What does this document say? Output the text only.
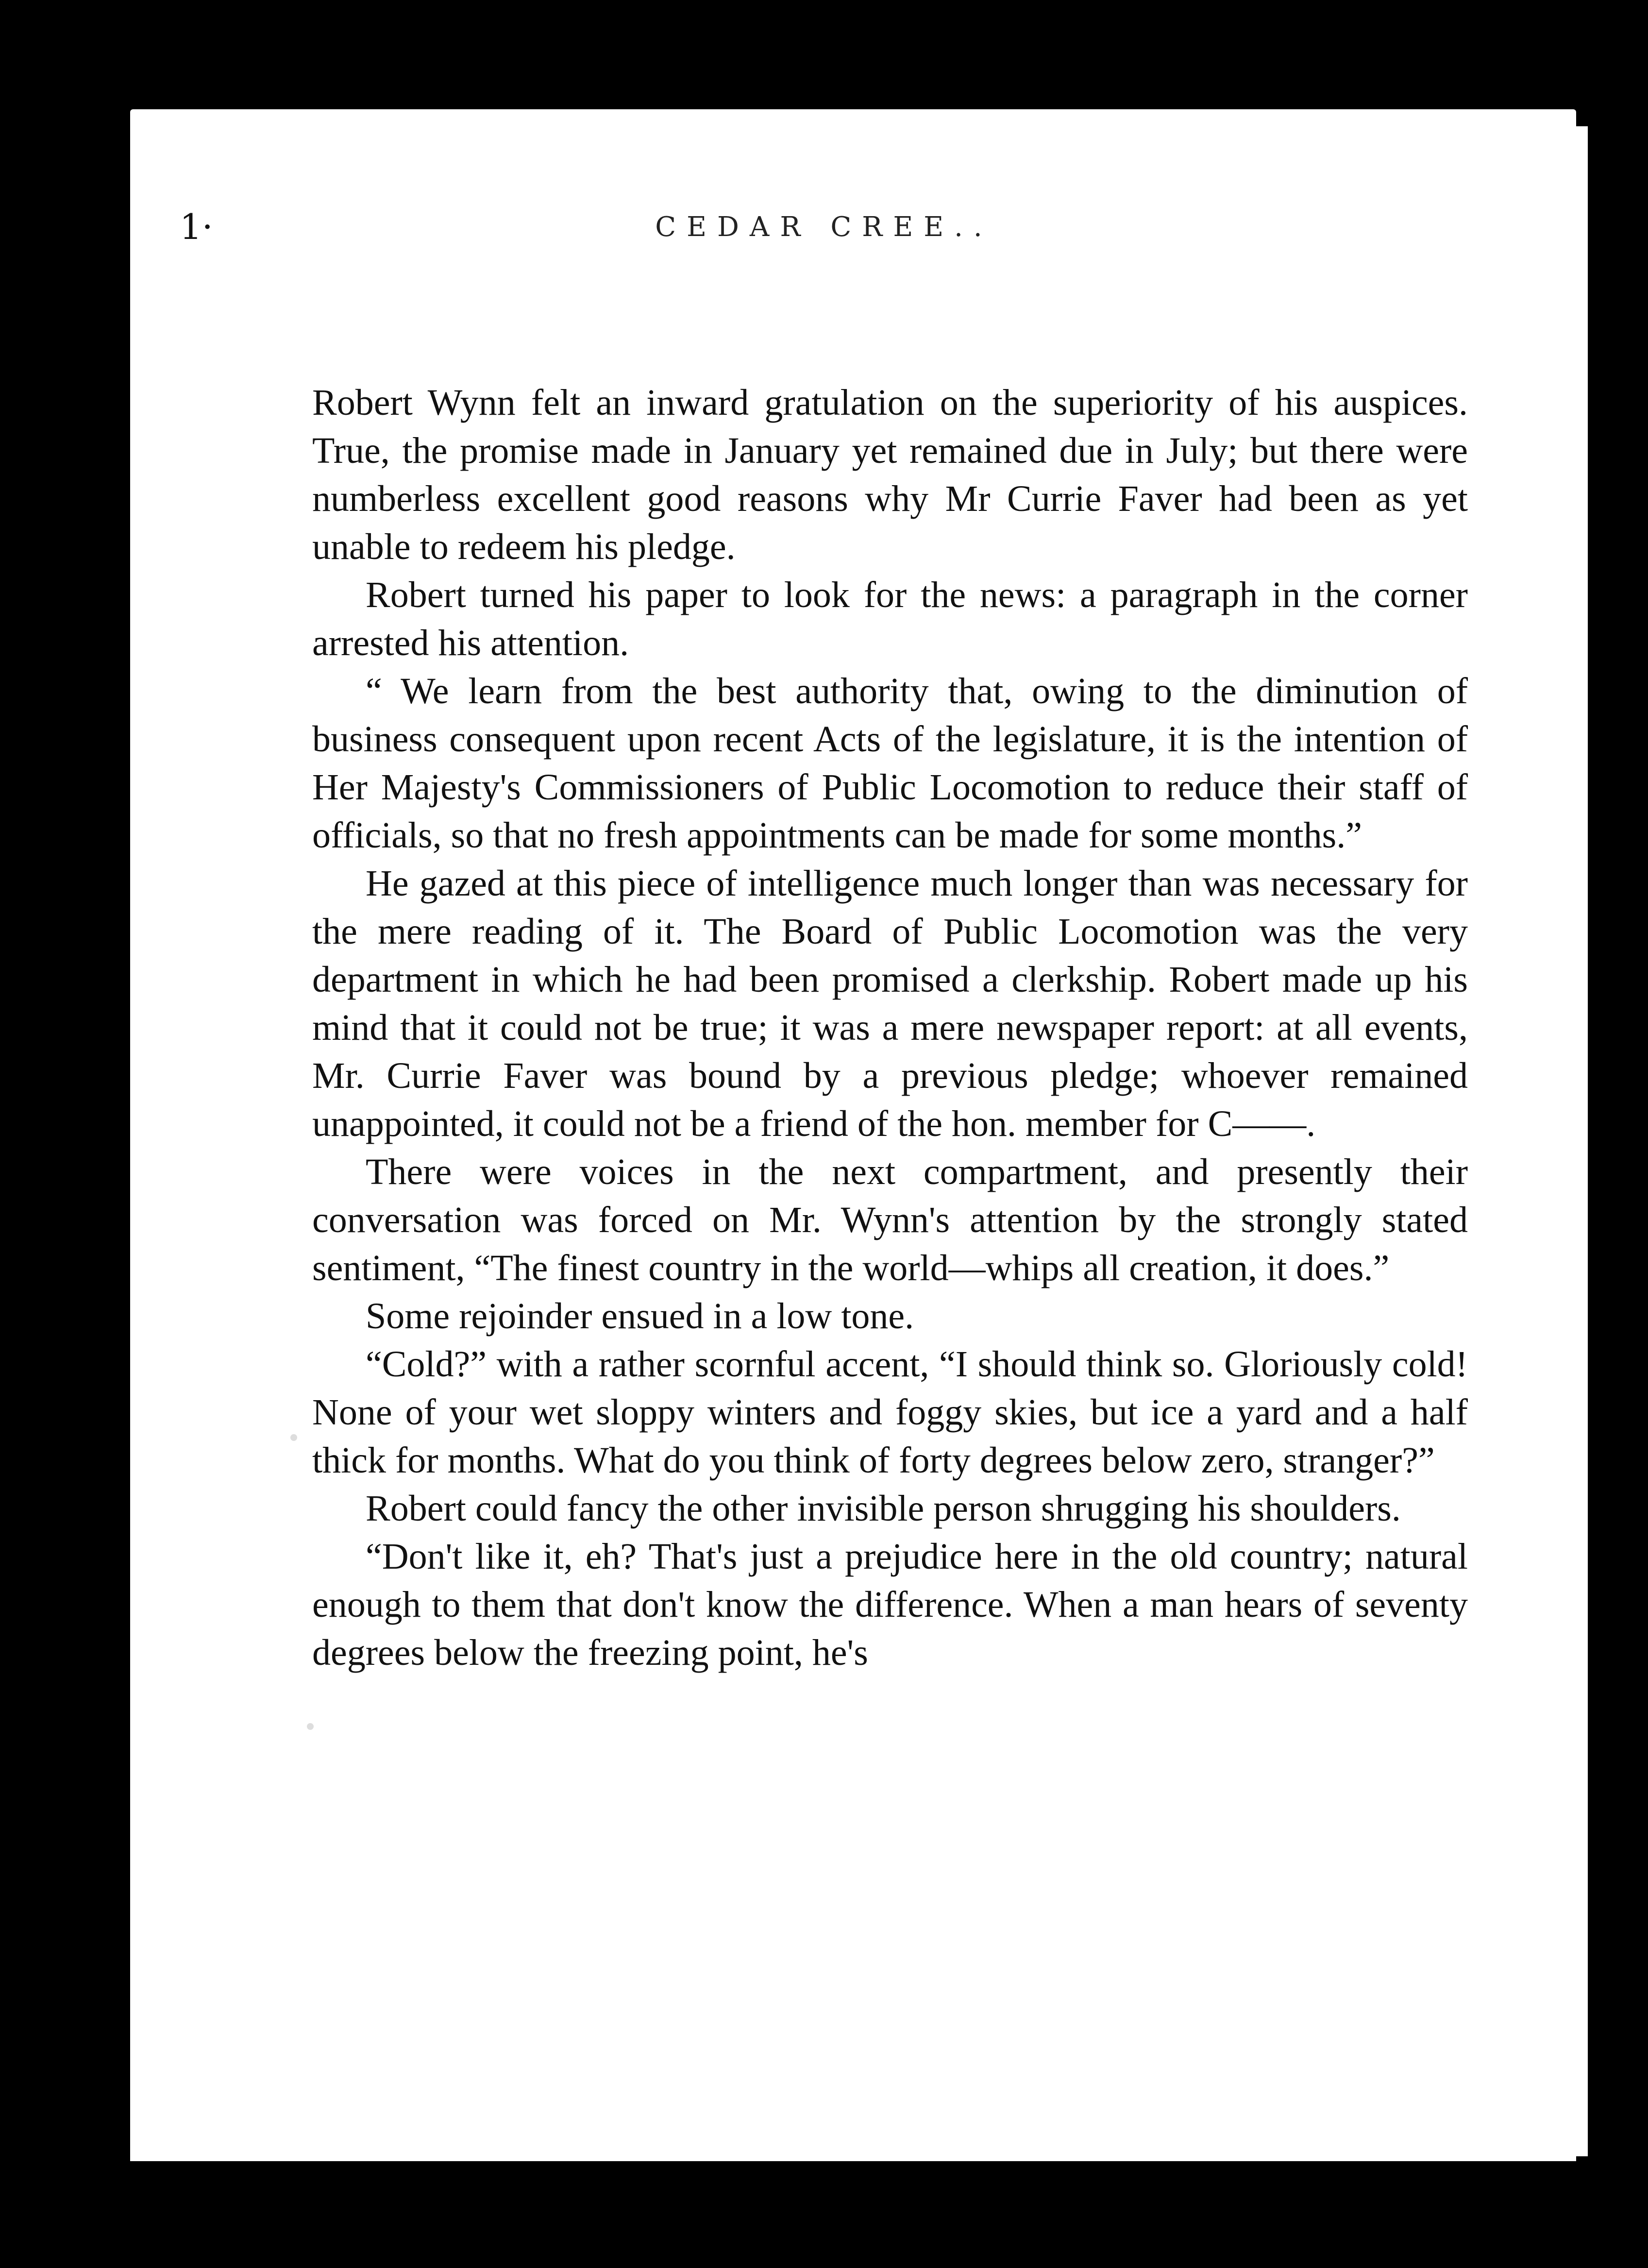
1·	CEDAR CREE..

Robert Wynn felt an inward gratulation on the superiority of his auspices. True, the promise made in January yet remained due in July; but there were numberless excellent good reasons why Mr Currie Faver had been as yet unable to redeem his pledge.

Robert turned his paper to look for the news: a paragraph in the corner arrested his attention.

“ We learn from the best authority that, owing to the diminution of business consequent upon recent Acts of the legislature, it is the intention of Her Majesty's Commissioners of Public Locomotion to reduce their staff of officials, so that no fresh appointments can be made for some months.”

He gazed at this piece of intelligence much longer than was necessary for the mere reading of it. The Board of Public Locomotion was the very department in which he had been promised a clerkship. Robert made up his mind that it could not be true; it was a mere newspaper report: at all events, Mr. Currie Faver was bound by a previous pledge; whoever remained unappointed, it could not be a friend of the hon. member for C——.

There were voices in the next compartment, and presently their conversation was forced on Mr. Wynn's attention by the strongly stated sentiment, “The finest country in the world—whips all creation, it does.”

Some rejoinder ensued in a low tone.

“Cold?” with a rather scornful accent, “I should think so. Gloriously cold! None of your wet sloppy winters and foggy skies, but ice a yard and a half thick for months. What do you think of forty degrees below zero, stranger?”

Robert could fancy the other invisible person shrugging his shoulders.

“Don't like it, eh? That's just a prejudice here in the old country; natural enough to them that don't know the difference. When a man hears of seventy degrees below the freezing point, he's
